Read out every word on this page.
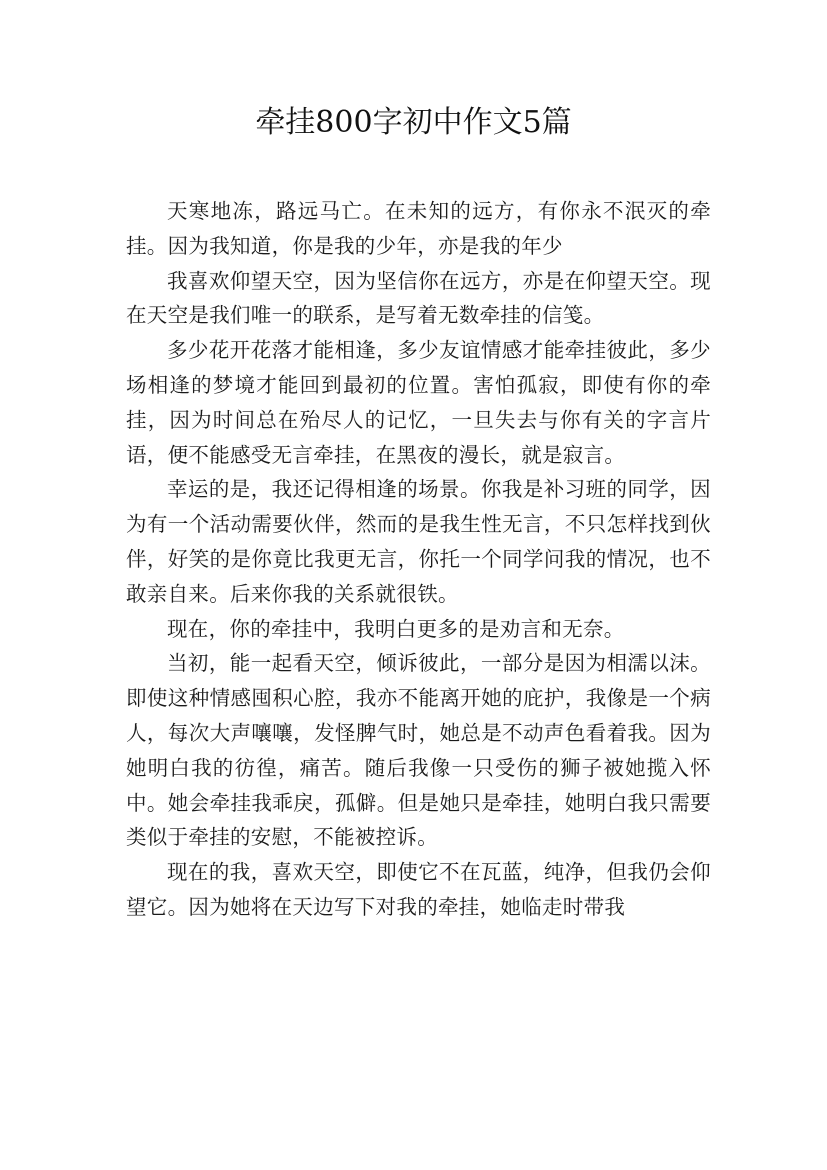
牵挂800字初中作文5篇

天寒地冻，路远马亡。在未知的远方，有你永不泯灭的牵挂。因为我知道，你是我的少年，亦是我的年少

我喜欢仰望天空，因为坚信你在远方，亦是在仰望天空。现在天空是我们唯一的联系，是写着无数牵挂的信笺。

多少花开花落才能相逢，多少友谊情感才能牵挂彼此，多少场相逢的梦境才能回到最初的位置。害怕孤寂，即使有你的牵挂，因为时间总在殆尽人的记忆，一旦失去与你有关的字言片语，便不能感受无言牵挂，在黑夜的漫长，就是寂言。

幸运的是，我还记得相逢的场景。你我是补习班的同学，因为有一个活动需要伙伴，然而的是我生性无言，不只怎样找到伙伴，好笑的是你竟比我更无言，你托一个同学问我的情况，也不敢亲自来。后来你我的关系就很铁。

现在，你的牵挂中，我明白更多的是劝言和无奈。

当初，能一起看天空，倾诉彼此，一部分是因为相濡以沫。即使这种情感囤积心腔，我亦不能离开她的庇护，我像是一个病人，每次大声嚷嚷，发怪脾气时，她总是不动声色看着我。因为她明白我的彷徨，痛苦。随后我像一只受伤的狮子被她揽入怀中。她会牵挂我乖戾，孤僻。但是她只是牵挂，她明白我只需要类似于牵挂的安慰，不能被控诉。

现在的我，喜欢天空，即使它不在瓦蓝，纯净，但我仍会仰望它。因为她将在天边写下对我的牵挂，她临走时带我
